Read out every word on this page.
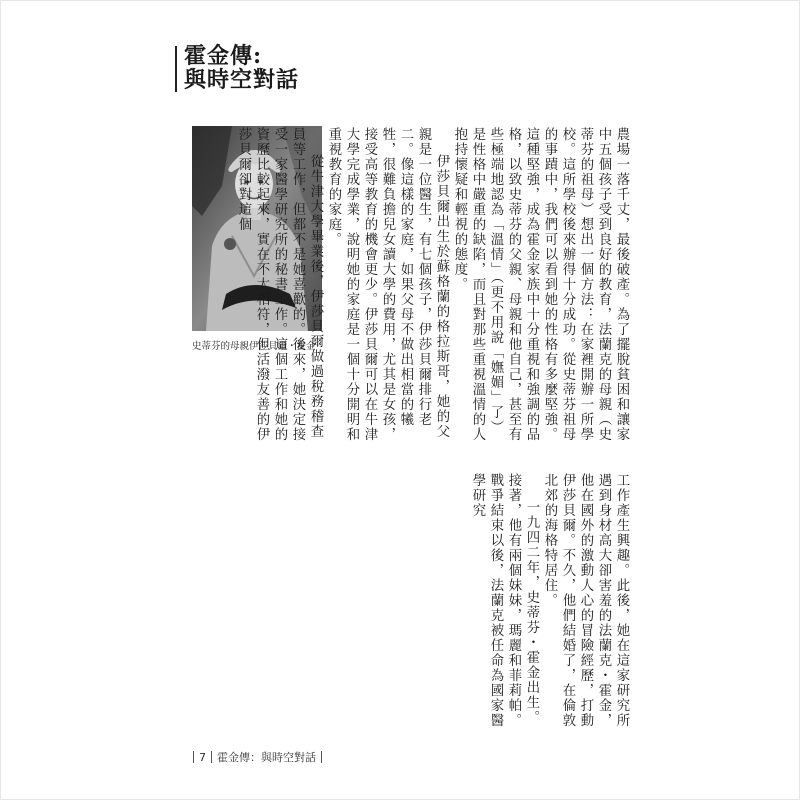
霍金傳:
與時空對話
史蒂芬的母親伊莎貝爾・霍金	農場一落千丈，最後破產。為了擺脫貧困和讓家中五個孩子受到良好的教育，法蘭克的母親（史蒂芬的祖母）想出一個方法：在家裡開辦一所學校。這所學校後來辦得十分成功。從史蒂芬祖母的事蹟中，我們可以看到她的性格有多麼堅強。這種堅強，成為霍金家族中十分重視和強調的品格，以致史蒂芬的父親、母親和他自己，甚至有些極端地認為「溫情」（更不用說「嫵媚」了）是性格中嚴重的缺陷，而且對那些重視溫情的人抱持懷疑和輕視的態度。

伊莎貝爾出生於蘇格蘭的格拉斯哥，她的父親是一位醫生，有七個孩子，伊莎貝爾排行老二。像這樣的家庭，如果父母不做出相當的犧牲，很難負擔兒女讀大學的費用，尤其是女孩，接受高等教育的機會更少。伊莎貝爾可以在牛津大學完成學業，說明她的家庭是一個十分開明和重視教育的家庭。

從牛津大學畢業後，伊莎貝爾做過稅務稽查員等工作，但都不是她喜歡的。後來，她決定接受一家醫學研究所的秘書工作。這個工作和她的資歷比較起來，實在不太相符，但活潑友善的伊莎貝爾卻對這個

工作產生興趣。此後，她在這家研究所遇到身材高大卻害羞的法蘭克・霍金，他在國外的激動人心的冒險經歷，打動伊莎貝爾。不久，他們結婚了，在倫敦北郊的海格特居住。

一九四二年，史蒂芬・霍金出生。接著，他有兩個妹妹，瑪麗和菲莉帕。戰爭結束以後，法蘭克被任命為國家醫學研究

7 霍金傳：與時空對話
